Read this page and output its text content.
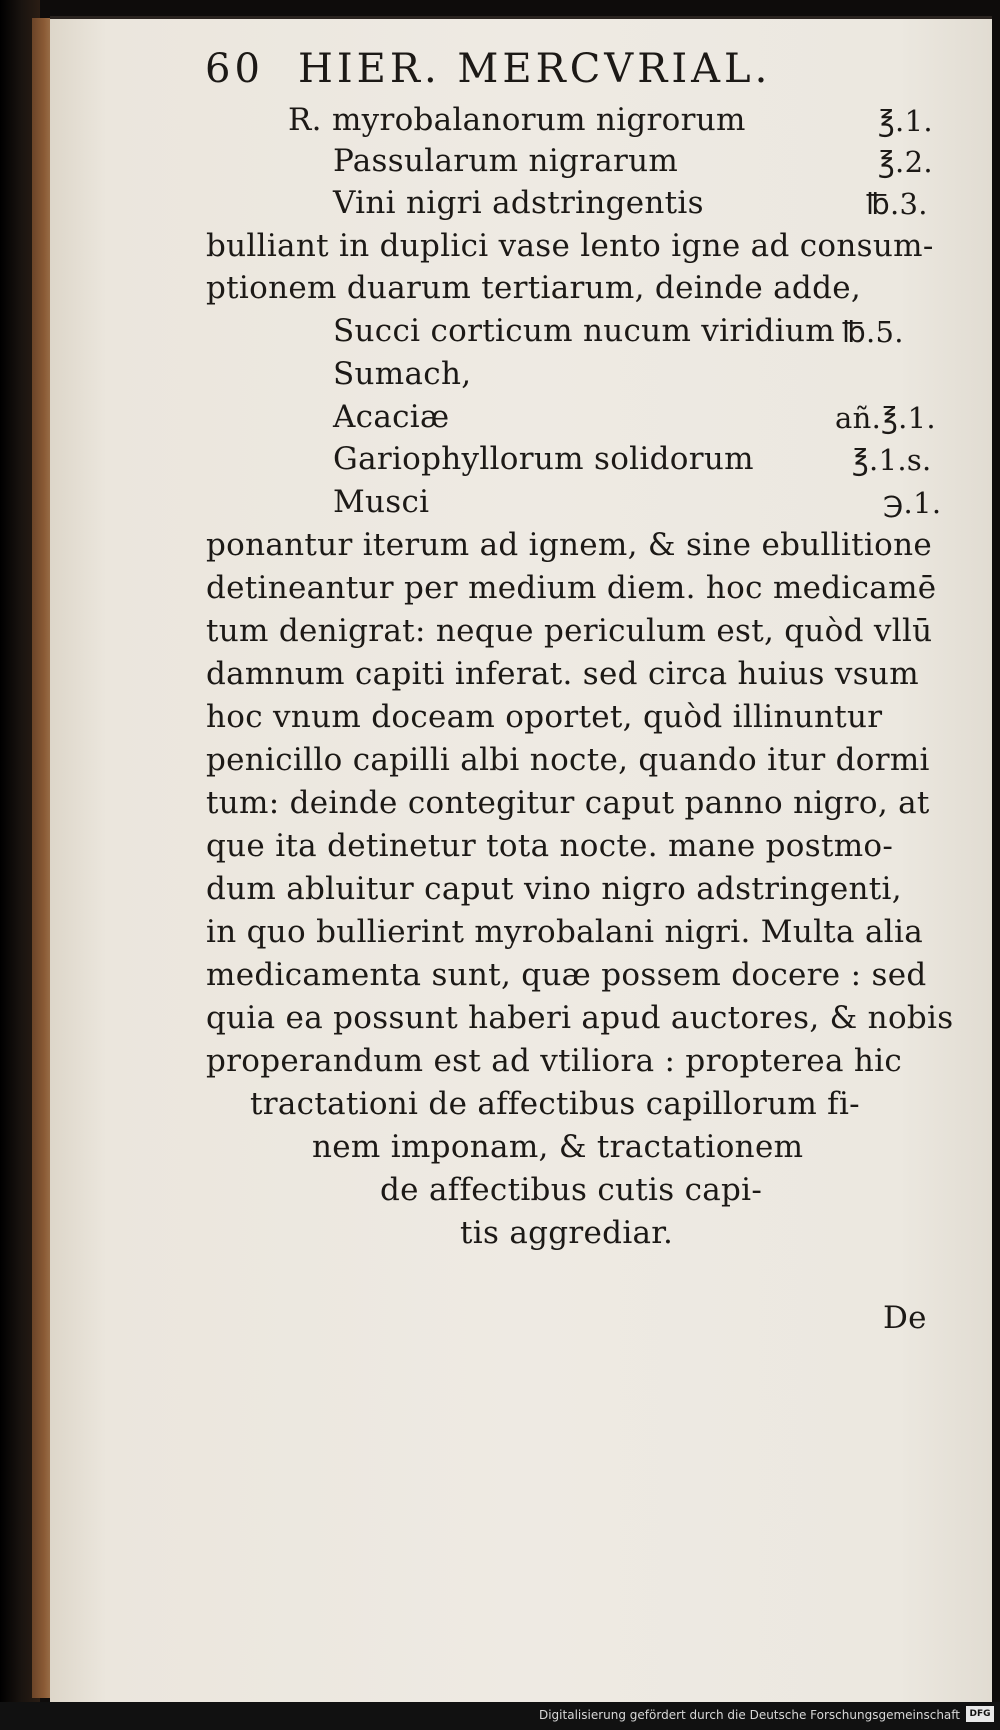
60 HIER. MERCVRIAL.
R. myrobalanorum nigrorum	℥.1.
Passularum nigrarum	℥.2.
Vini nigri adstringentis	℔.3.
bulliant in duplici vase lento igne ad consum-
ptionem duarum tertiarum, deinde adde,
Succi corticum nucum viridium ℔.5.
Sumach,
Acaciæ	añ.℥.1.
Gariophyllorum solidorum	℥.1.s.
Musci	℈.1.
ponantur iterum ad ignem, & sine ebullitione
detineantur per medium diem. hoc medicamē
tum denigrat: neque periculum est, quòd vllū
damnum capiti inferat. sed circa huius vsum
hoc vnum doceam oportet, quòd illinuntur
penicillo capilli albi nocte, quando itur dormi
tum: deinde contegitur caput panno nigro, at
que ita detinetur tota nocte. mane postmo-
dum abluitur caput vino nigro adstringenti,
in quo bullierint myrobalani nigri. Multa alia
medicamenta sunt, quæ possem docere : sed
quia ea possunt haberi apud auctores, & nobis
properandum est ad vtiliora : propterea hic
tractationi de affectibus capillorum fi-
nem imponam, & tractationem
de affectibus cutis capi-
tis aggrediar.
De
Digitalisierung gefördert durch die Deutsche Forschungsgemeinschaft	DFG
